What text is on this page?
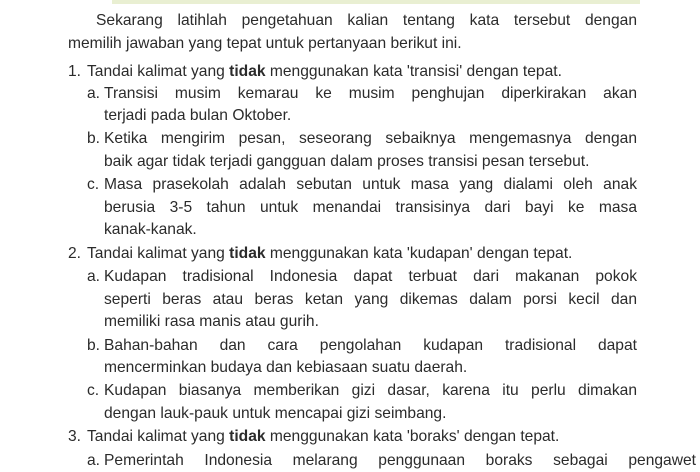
Sekarang latihlah pengetahuan kalian tentang kata tersebut dengan
memilih jawaban yang tepat untuk pertanyaan berikut ini.
1. Tandai kalimat yang tidak menggunakan kata 'transisi' dengan tepat.
a. Transisi musim kemarau ke musim penghujan diperkirakan akan
terjadi pada bulan Oktober.
b. Ketika mengirim pesan, seseorang sebaiknya mengemasnya dengan
baik agar tidak terjadi gangguan dalam proses transisi pesan tersebut.
c. Masa prasekolah adalah sebutan untuk masa yang dialami oleh anak
berusia 3-5 tahun untuk menandai transisinya dari bayi ke masa
kanak-kanak.
2. Tandai kalimat yang tidak menggunakan kata 'kudapan' dengan tepat.
a. Kudapan tradisional Indonesia dapat terbuat dari makanan pokok
seperti beras atau beras ketan yang dikemas dalam porsi kecil dan
memiliki rasa manis atau gurih.
b. Bahan-bahan dan cara pengolahan kudapan tradisional dapat
mencerminkan budaya dan kebiasaan suatu daerah.
c. Kudapan biasanya memberikan gizi dasar, karena itu perlu dimakan
dengan lauk-pauk untuk mencapai gizi seimbang.
3. Tandai kalimat yang tidak menggunakan kata 'boraks' dengan tepat.
a. Pemerintah Indonesia melarang penggunaan boraks sebagai pengawet
